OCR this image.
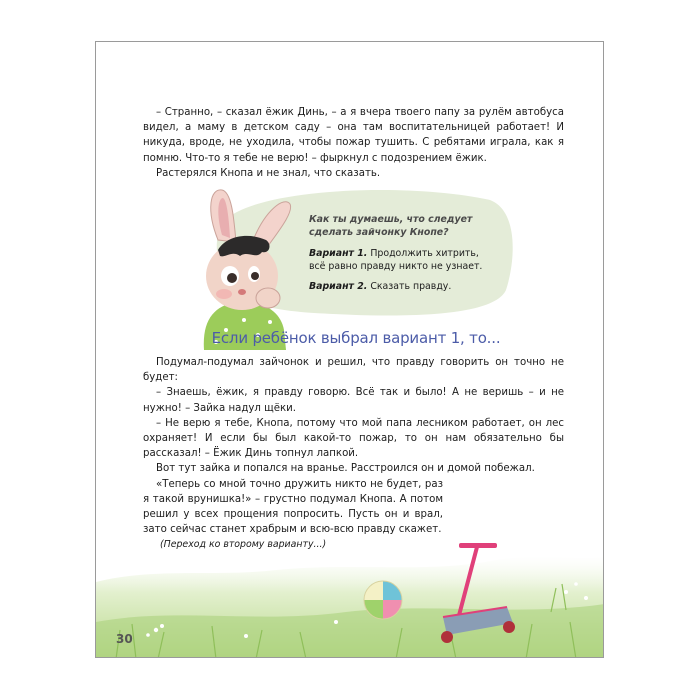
– Странно, – сказал ёжик Динь, – а я вчера твоего папу за рулём автобуса видел, а маму в детском саду – она там воспитательницей работает! И никуда, вроде, не уходила, чтобы пожар тушить. С ребятами играла, как я помню. Что-то я тебе не верю! – фыркнул с подозрением ёжик.

Растерялся Кнопа и не знал, что сказать.

Как ты думаешь, что следует сделать зайчонку Кнопе?

Вариант 1. Продолжить хитрить, всё равно правду никто не узнает.

Вариант 2. Сказать правду.

Если ребёнок выбрал вариант 1, то...

Подумал-подумал зайчонок и решил, что правду говорить он точно не будет:

– Знаешь, ёжик, я правду говорю. Всё так и было! А не веришь – и не нужно! – Зайка надул щёки.

– Не верю я тебе, Кнопа, потому что мой папа лесником работает, он лес охраняет! И если бы был какой-то пожар, то он нам обязательно бы рассказал! – Ёжик Динь топнул лапкой.

Вот тут зайка и попался на вранье. Расстроился он и домой побежал.

«Теперь со мной точно дружить никто не будет, раз я такой врунишка!» – грустно подумал Кнопа. А потом решил у всех прощения попросить. Пусть он и врал, зато сейчас станет храбрым и всю-всю правду скажет.

(Переход ко второму варианту...)
30
